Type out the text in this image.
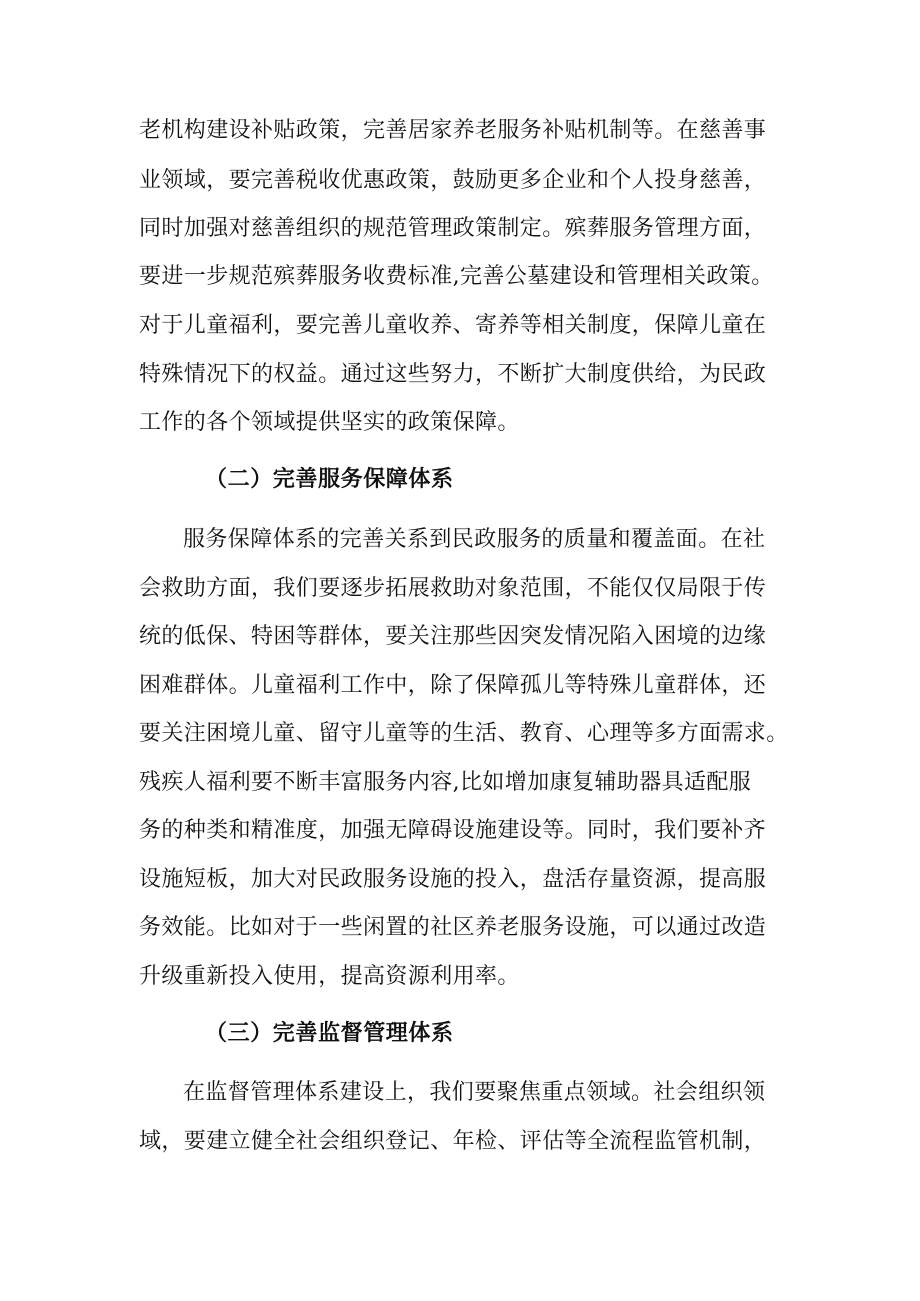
老机构建设补贴政策，完善居家养老服务补贴机制等。在慈善事
业领域，要完善税收优惠政策，鼓励更多企业和个人投身慈善，
同时加强对慈善组织的规范管理政策制定。殡葬服务管理方面，
要进一步规范殡葬服务收费标准,完善公墓建设和管理相关政策。
对于儿童福利，要完善儿童收养、寄养等相关制度，保障儿童在
特殊情况下的权益。通过这些努力，不断扩大制度供给，为民政
工作的各个领域提供坚实的政策保障。
（二）完善服务保障体系
服务保障体系的完善关系到民政服务的质量和覆盖面。在社
会救助方面，我们要逐步拓展救助对象范围，不能仅仅局限于传
统的低保、特困等群体，要关注那些因突发情况陷入困境的边缘
困难群体。儿童福利工作中，除了保障孤儿等特殊儿童群体，还
要关注困境儿童、留守儿童等的生活、教育、心理等多方面需求。
残疾人福利要不断丰富服务内容,比如增加康复辅助器具适配服
务的种类和精准度，加强无障碍设施建设等。同时，我们要补齐
设施短板，加大对民政服务设施的投入，盘活存量资源，提高服
务效能。比如对于一些闲置的社区养老服务设施，可以通过改造
升级重新投入使用，提高资源利用率。
（三）完善监督管理体系
在监督管理体系建设上，我们要聚焦重点领域。社会组织领
域，要建立健全社会组织登记、年检、评估等全流程监管机制，
